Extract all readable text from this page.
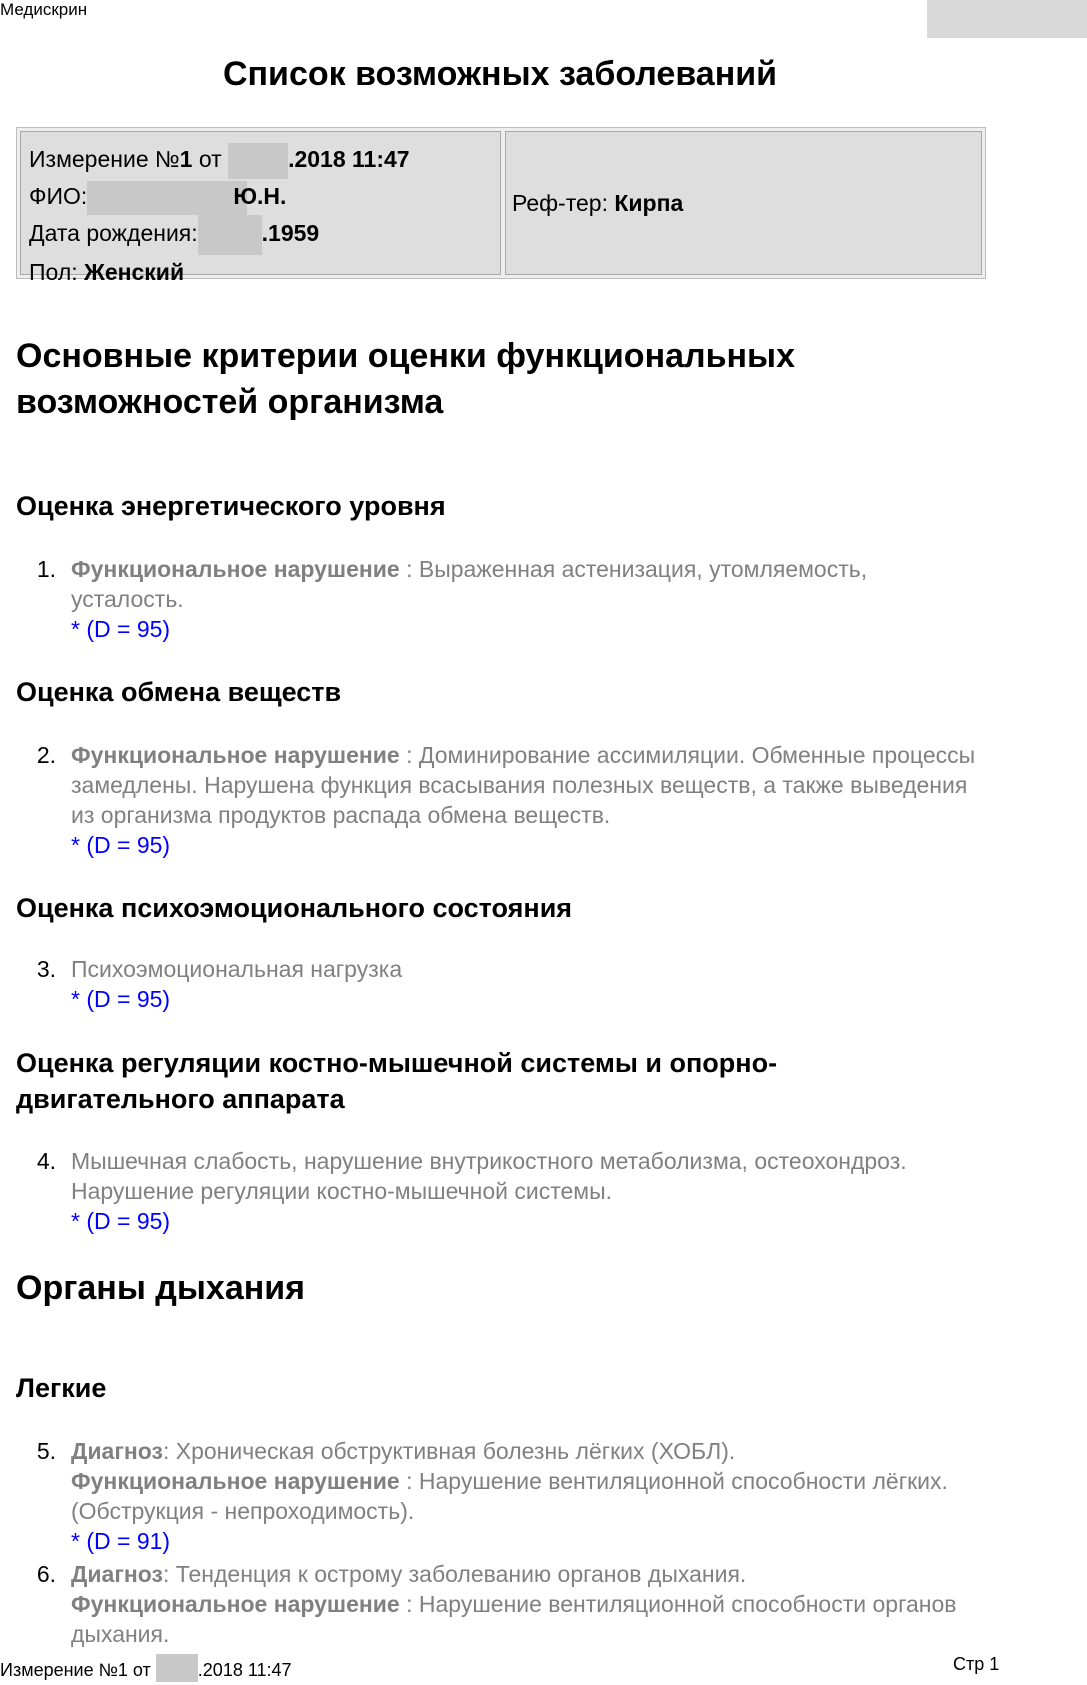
Медискрин
Список возможных заболеваний
Измерение №1 от	.2018 11:47
ФИО:	Ю.Н.
Дата рождения:	.1959
Пол: Женский
Реф-тер:
Кирпа
Основные критерии оценки функциональных возможностей организма
Оценка энергетического уровня
1. Функциональное нарушение : Выраженная астенизация, утомляемость, усталость.
* (D = 95)
Оценка обмена веществ
2. Функциональное нарушение : Доминирование ассимиляции. Обменные процессы замедлены. Нарушена функция всасывания полезных веществ, а также выведения из организма продуктов распада обмена веществ.
* (D = 95)
Оценка психоэмоционального состояния
3. Психоэмоциональная нагрузка
* (D = 95)
Оценка регуляции костно-мышечной системы и опорно-двигательного аппарата
4. Мышечная слабость, нарушение внутрикостного метаболизма, остеохондроз. Нарушение регуляции костно-мышечной системы.
* (D = 95)
Органы дыхания
Легкие
5. Диагноз: Хроническая обструктивная болезнь лёгких (ХОБЛ).
Функциональное нарушение : Нарушение вентиляционной способности лёгких. (Обструкция - непроходимость).
* (D = 91)
6. Диагноз: Тенденция к острому заболеванию органов дыхания.
Функциональное нарушение : Нарушение вентиляционной способности органов дыхания.
Измерение №1 от .2018 11:47	Стр 1
